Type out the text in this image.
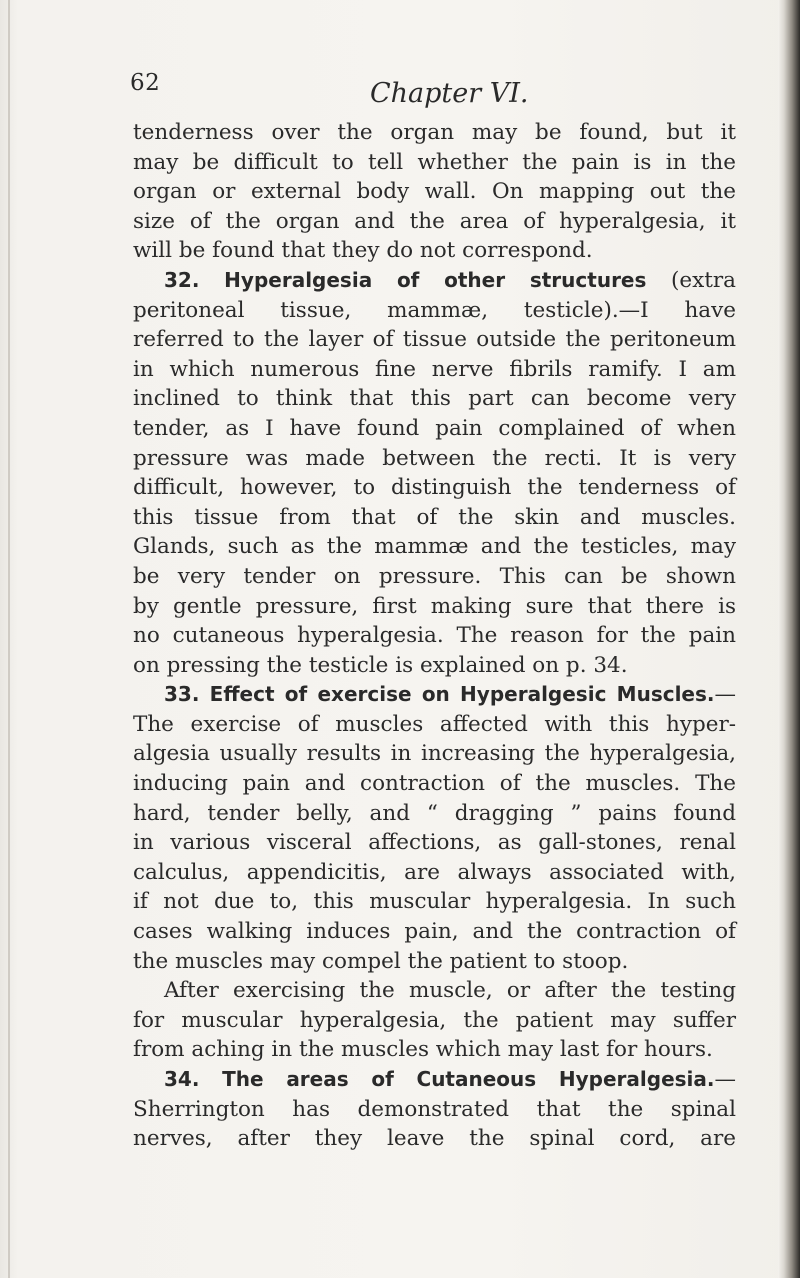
62	Chapter VI.
tenderness over the organ may be found, but it
may be difficult to tell whether the pain is in the
organ or external body wall. On mapping out the
size of the organ and the area of hyperalgesia, it
will be found that they do not correspond.
32. Hyperalgesia of other structures (extra
peritoneal tissue, mammæ, testicle).—I have
referred to the layer of tissue outside the peritoneum
in which numerous fine nerve fibrils ramify. I am
inclined to think that this part can become very
tender, as I have found pain complained of when
pressure was made between the recti. It is very
difficult, however, to distinguish the tenderness of
this tissue from that of the skin and muscles.
Glands, such as the mammæ and the testicles, may
be very tender on pressure. This can be shown
by gentle pressure, first making sure that there is
no cutaneous hyperalgesia. The reason for the pain
on pressing the testicle is explained on p. 34.
33. Effect of exercise on Hyperalgesic Muscles.—
The exercise of muscles affected with this hyper-
algesia usually results in increasing the hyperalgesia,
inducing pain and contraction of the muscles. The
hard, tender belly, and “ dragging ” pains found
in various visceral affections, as gall-stones, renal
calculus, appendicitis, are always associated with,
if not due to, this muscular hyperalgesia. In such
cases walking induces pain, and the contraction of
the muscles may compel the patient to stoop.
After exercising the muscle, or after the testing
for muscular hyperalgesia, the patient may suffer
from aching in the muscles which may last for hours.
34. The areas of Cutaneous Hyperalgesia.—
Sherrington has demonstrated that the spinal
nerves, after they leave the spinal cord, are
